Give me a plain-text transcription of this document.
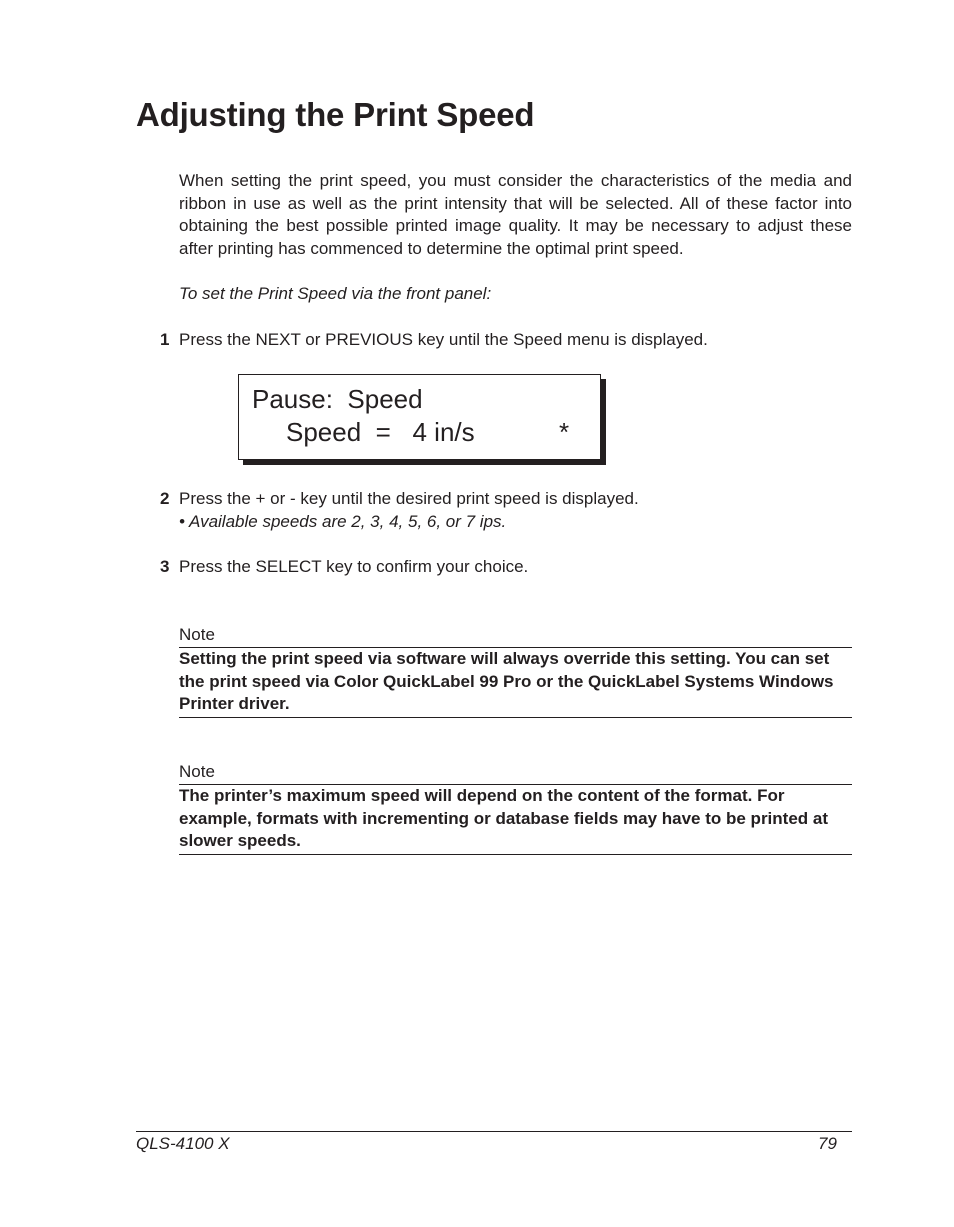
Adjusting the Print Speed

When setting the print speed, you must consider the characteristics of the media and ribbon in use as well as the print intensity that will be selected. All of these factor into obtaining the best possible printed image quality. It may be necessary to adjust these after printing has commenced to determine the optimal print speed.

To set the Print Speed via the front panel:

1 Press the NEXT or PREVIOUS key until the Speed menu is displayed.
Pause:  Speed
Speed  =   4 in/s	*
2 Press the + or - key until the desired print speed is displayed.
• Available speeds are 2, 3, 4, 5, 6, or 7 ips.
3 Press the SELECT key to confirm your choice.
Note
Setting the print speed via software will always override this setting. You can set the print speed via Color QuickLabel 99 Pro or the QuickLabel Systems Windows Printer driver.
Note
The printer’s maximum speed will depend on the content of the format. For example, formats with incrementing or database fields may have to be printed at slower speeds.
QLS-4100 X	79
